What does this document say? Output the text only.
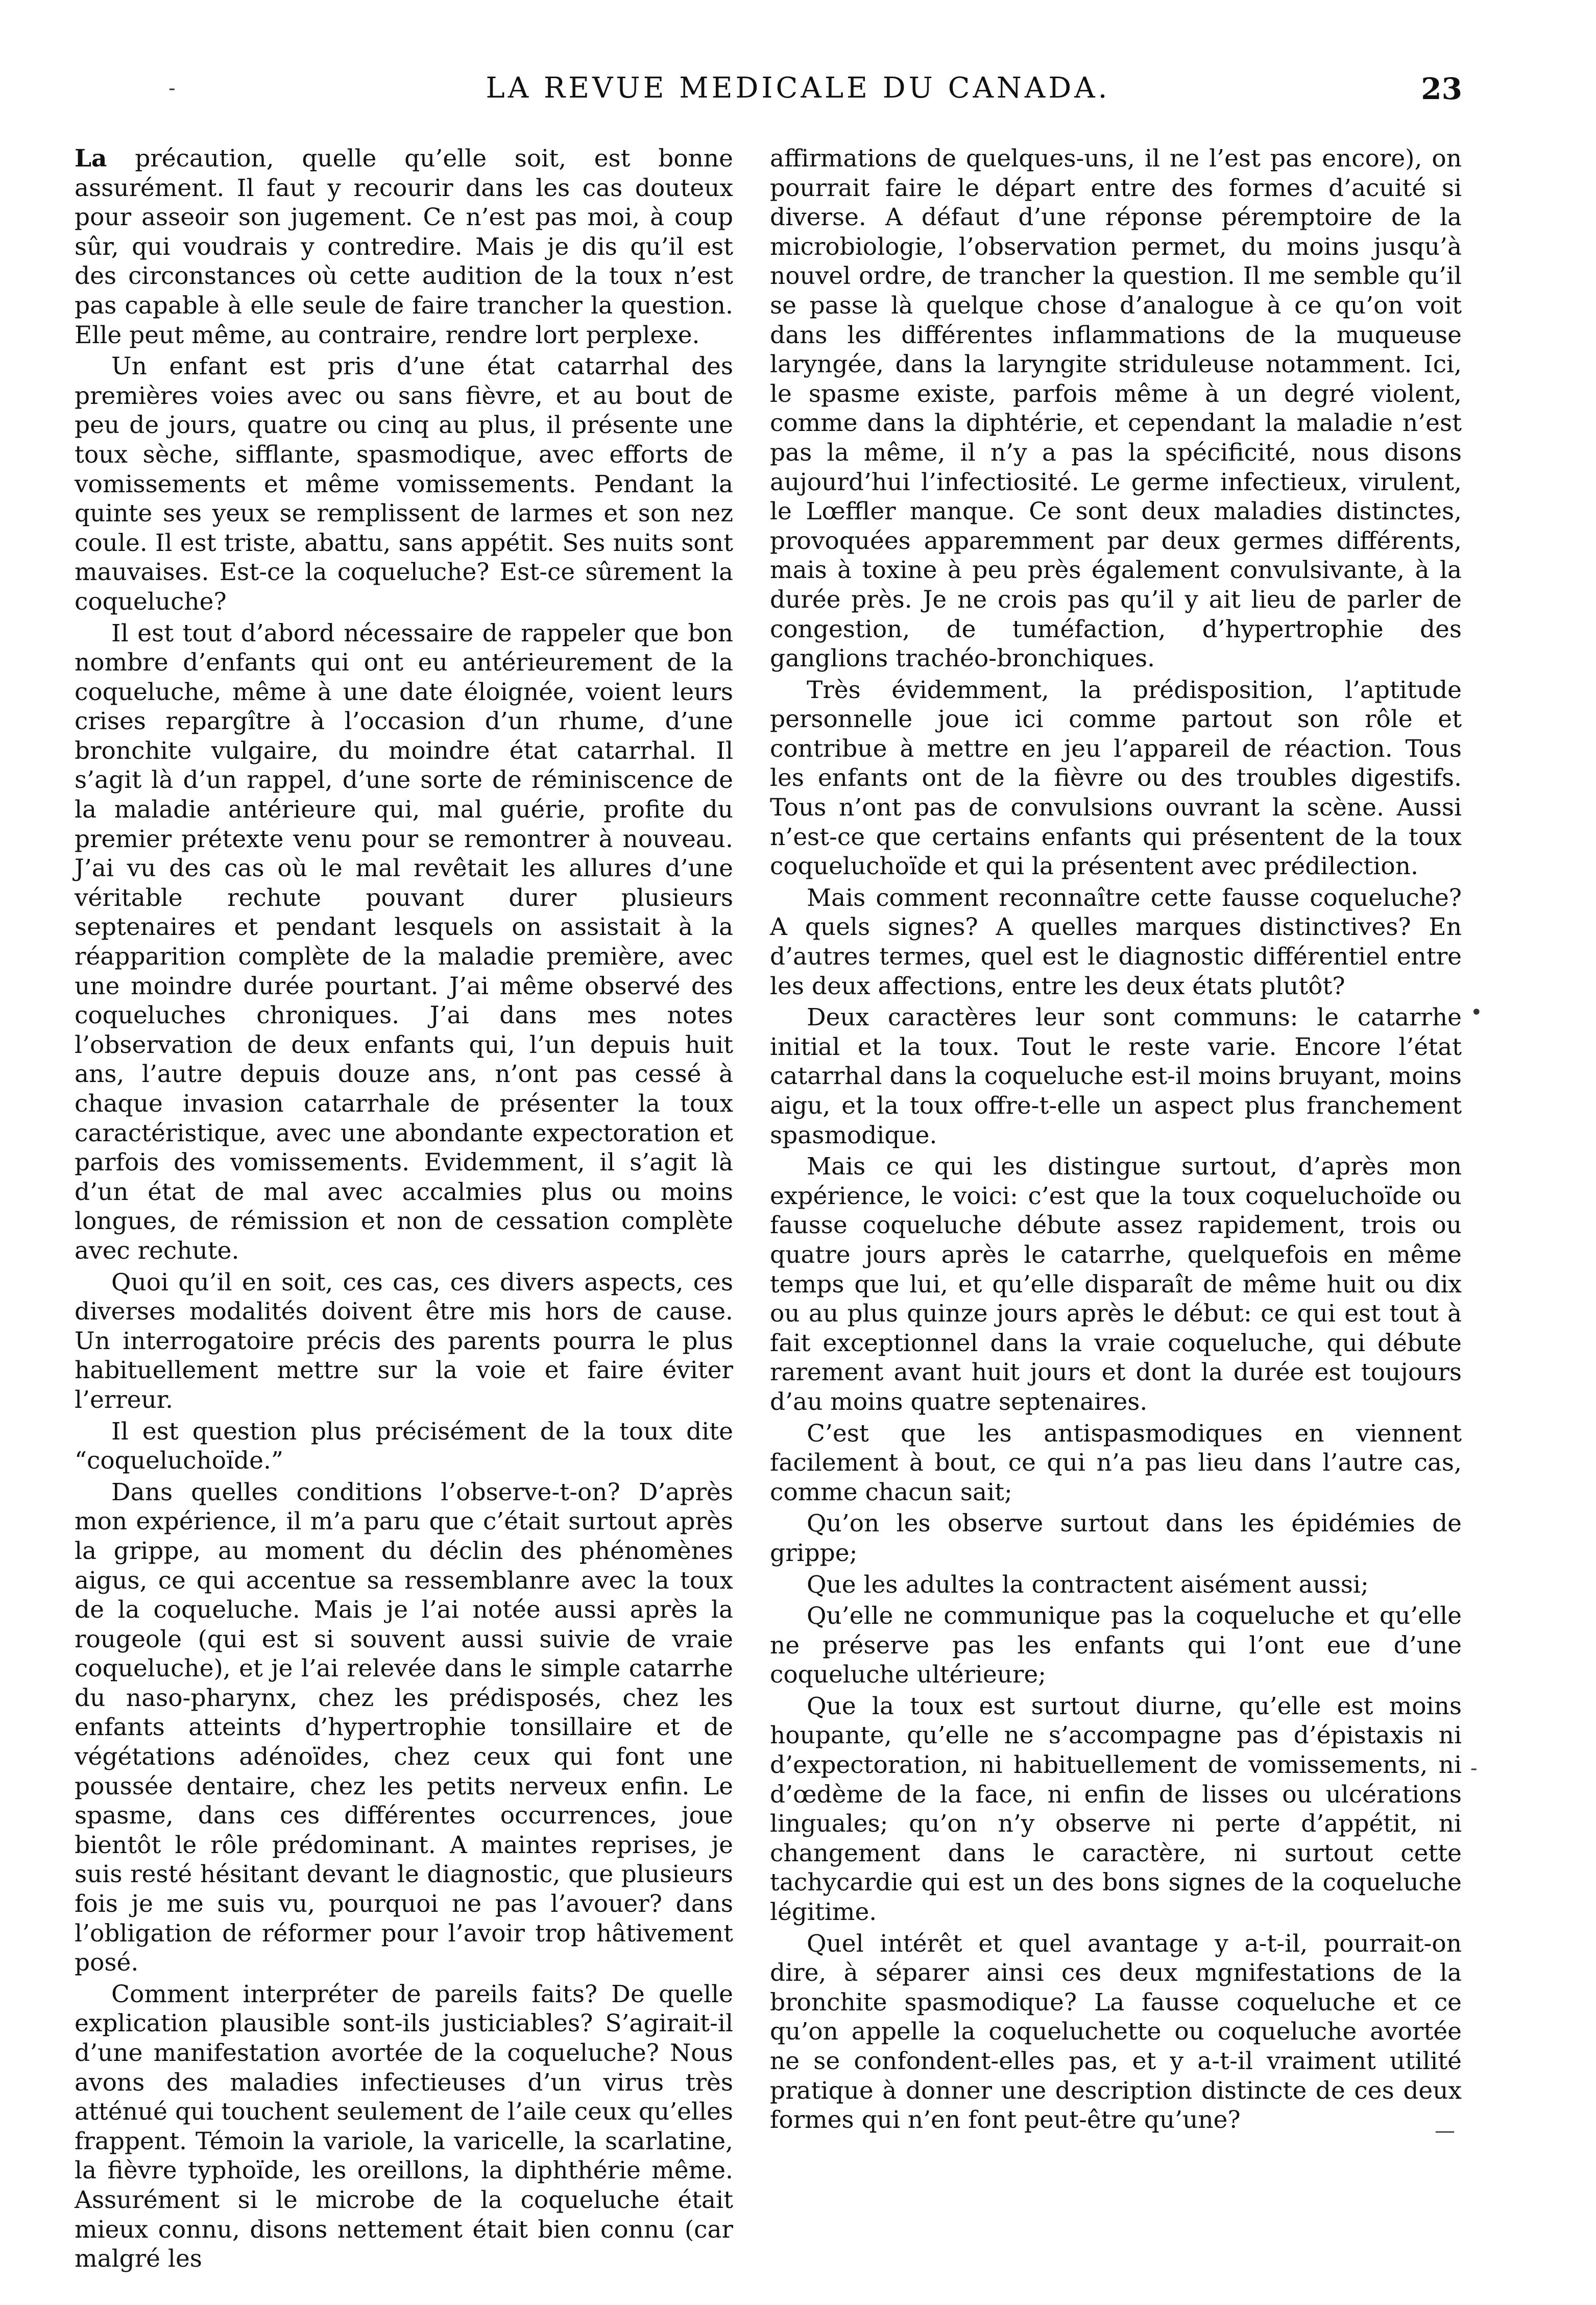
LA REVUE MEDICALE DU CANADA.	23

La précaution, quelle qu’elle soit, est bonne assurément. Il faut y recourir dans les cas douteux pour asseoir son jugement. Ce n’est pas moi, à coup sûr, qui voudrais y contredire. Mais je dis qu’il est des circonstances où cette audition de la toux n’est pas capable à elle seule de faire trancher la question. Elle peut même, au contraire, rendre lort perplexe.

Un enfant est pris d’une état catarrhal des premières voies avec ou sans fièvre, et au bout de peu de jours, quatre ou cinq au plus, il présente une toux sèche, sifflante, spasmodique, avec efforts de vomissements et même vomissements. Pendant la quinte ses yeux se remplissent de larmes et son nez coule. Il est triste, abattu, sans appétit. Ses nuits sont mauvaises. Est-ce la coqueluche? Est-ce sûrement la coqueluche?

Il est tout d’abord nécessaire de rappeler que bon nombre d’enfants qui ont eu antérieurement de la coqueluche, même à une date éloignée, voient leurs crises repargître à l’occasion d’un rhume, d’une bronchite vulgaire, du moindre état catarrhal. Il s’agit là d’un rappel, d’une sorte de réminiscence de la maladie antérieure qui, mal guérie, profite du premier prétexte venu pour se remontrer à nouveau. J’ai vu des cas où le mal revêtait les allures d’une véritable rechute pouvant durer plusieurs septenaires et pendant lesquels on assistait à la réapparition complète de la maladie première, avec une moindre durée pourtant. J’ai même observé des coqueluches chroniques. J’ai dans mes notes l’observation de deux enfants qui, l’un depuis huit ans, l’autre depuis douze ans, n’ont pas cessé à chaque invasion catarrhale de présenter la toux caractéristique, avec une abondante expectoration et parfois des vomissements. Evidemment, il s’agit là d’un état de mal avec accalmies plus ou moins longues, de rémission et non de cessation complète avec rechute.

Quoi qu’il en soit, ces cas, ces divers aspects, ces diverses modalités doivent être mis hors de cause. Un interrogatoire précis des parents pourra le plus habituellement mettre sur la voie et faire éviter l’erreur.

Il est question plus précisément de la toux dite “coqueluchoïde.”

Dans quelles conditions l’observe-t-on? D’après mon expérience, il m’a paru que c’était surtout après la grippe, au moment du déclin des phénomènes aigus, ce qui accentue sa ressemblanre avec la toux de la coqueluche. Mais je l’ai notée aussi après la rougeole (qui est si souvent aussi suivie de vraie coqueluche), et je l’ai relevée dans le simple catarrhe du naso-pharynx, chez les prédisposés, chez les enfants atteints d’hypertrophie tonsillaire et de végétations adénoïdes, chez ceux qui font une poussée dentaire, chez les petits nerveux enfin. Le spasme, dans ces différentes occurrences, joue bientôt le rôle prédominant. A maintes reprises, je suis resté hésitant devant le diagnostic, que plusieurs fois je me suis vu, pourquoi ne pas l’avouer? dans l’obligation de réformer pour l’avoir trop hâtivement posé.

Comment interpréter de pareils faits? De quelle explication plausible sont-ils justiciables? S’agirait-il d’une manifestation avortée de la coqueluche? Nous avons des maladies infectieuses d’un virus très atténué qui touchent seulement de l’aile ceux qu’elles frappent. Témoin la variole, la varicelle, la scarlatine, la fièvre typhoïde, les oreillons, la diphthérie même. Assurément si le microbe de la coqueluche était mieux connu, disons nettement était bien connu (car malgré les

affirmations de quelques-uns, il ne l’est pas encore), on pourrait faire le départ entre des formes d’acuité si diverse. A défaut d’une réponse péremptoire de la microbiologie, l’observation permet, du moins jusqu’à nouvel ordre, de trancher la question. Il me semble qu’il se passe là quelque chose d’analogue à ce qu’on voit dans les différentes inflammations de la muqueuse laryngée, dans la laryngite striduleuse notamment. Ici, le spasme existe, parfois même à un degré violent, comme dans la diphtérie, et cependant la maladie n’est pas la même, il n’y a pas la spécificité, nous disons aujourd’hui l’infectiosité. Le germe infectieux, virulent, le Lœffler manque. Ce sont deux maladies distinctes, provoquées apparemment par deux germes différents, mais à toxine à peu près également convulsivante, à la durée près. Je ne crois pas qu’il y ait lieu de parler de congestion, de tuméfaction, d’hypertrophie des ganglions trachéo-bronchiques.

Très évidemment, la prédisposition, l’aptitude personnelle joue ici comme partout son rôle et contribue à mettre en jeu l’appareil de réaction. Tous les enfants ont de la fièvre ou des troubles digestifs. Tous n’ont pas de convulsions ouvrant la scène. Aussi n’est-ce que certains enfants qui présentent de la toux coqueluchoïde et qui la présentent avec prédilection.

Mais comment reconnaître cette fausse coqueluche? A quels signes? A quelles marques distinctives? En d’autres termes, quel est le diagnostic différentiel entre les deux affections, entre les deux états plutôt?

Deux caractères leur sont communs: le catarrhe initial et la toux. Tout le reste varie. Encore l’état catarrhal dans la coqueluche est-il moins bruyant, moins aigu, et la toux offre-t-elle un aspect plus franchement spasmodique.

Mais ce qui les distingue surtout, d’après mon expérience, le voici: c’est que la toux coqueluchoïde ou fausse coqueluche débute assez rapidement, trois ou quatre jours après le catarrhe, quelquefois en même temps que lui, et qu’elle disparaît de même huit ou dix ou au plus quinze jours après le début: ce qui est tout à fait exceptionnel dans la vraie coqueluche, qui débute rarement avant huit jours et dont la durée est toujours d’au moins quatre septenaires.

C’est que les antispasmodiques en viennent facilement à bout, ce qui n’a pas lieu dans l’autre cas, comme chacun sait;

Qu’on les observe surtout dans les épidémies de grippe;

Que les adultes la contractent aisément aussi;

Qu’elle ne communique pas la coqueluche et qu’elle ne préserve pas les enfants qui l’ont eue d’une coqueluche ultérieure;

Que la toux est surtout diurne, qu’elle est moins houpante, qu’elle ne s’accompagne pas d’épistaxis ni d’expectoration, ni habituellement de vomissements, ni d’œdème de la face, ni enfin de lisses ou ulcérations linguales; qu’on n’y observe ni perte d’appétit, ni changement dans le caractère, ni surtout cette tachycardie qui est un des bons signes de la coqueluche légitime.

Quel intérêt et quel avantage y a-t-il, pourrait-on dire, à séparer ainsi ces deux mgnifestations de la bronchite spasmodique? La fausse coqueluche et ce qu’on appelle la coqueluchette ou coqueluche avortée ne se confondent-elles pas, et y a-t-il vraiment utilité pratique à donner une description distincte de ces deux formes qui n’en font peut-être qu’une?

-
•
-
—
